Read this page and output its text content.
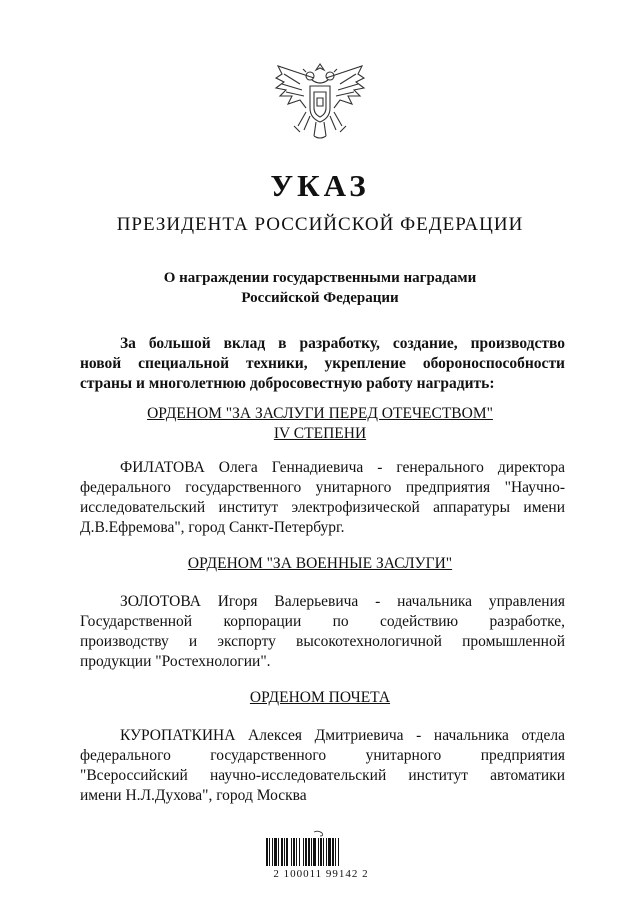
УКАЗ
ПРЕЗИДЕНТА РОССИЙСКОЙ ФЕДЕРАЦИИ
О награждении государственными наградами
Российской Федерации
За большой вклад в разработку, создание, производство
новой специальной техники, укрепление обороноспособности
страны и многолетнюю добросовестную работу наградить:
ОРДЕНОМ "ЗА ЗАСЛУГИ ПЕРЕД ОТЕЧЕСТВОМ"
IV СТЕПЕНИ
ФИЛАТОВА Олега Геннадиевича - генерального директора
федерального государственного унитарного предприятия "Научно-
исследовательский институт электрофизической аппаратуры имени
Д.В.Ефремова", город Санкт-Петербург.
ОРДЕНОМ "ЗА ВОЕННЫЕ ЗАСЛУГИ"
ЗОЛОТОВА Игоря Валерьевича - начальника управления
Государственной корпорации по содействию разработке,
производству и экспорту высокотехнологичной промышленной
продукции "Ростехнологии".
ОРДЕНОМ ПОЧЕТА
КУРОПАТКИНА Алексея Дмитриевича - начальника отдела
федерального государственного унитарного предприятия
"Всероссийский научно-исследовательский институт автоматики
имени Н.Л.Духова", город Москва
2 100011 99142 2
